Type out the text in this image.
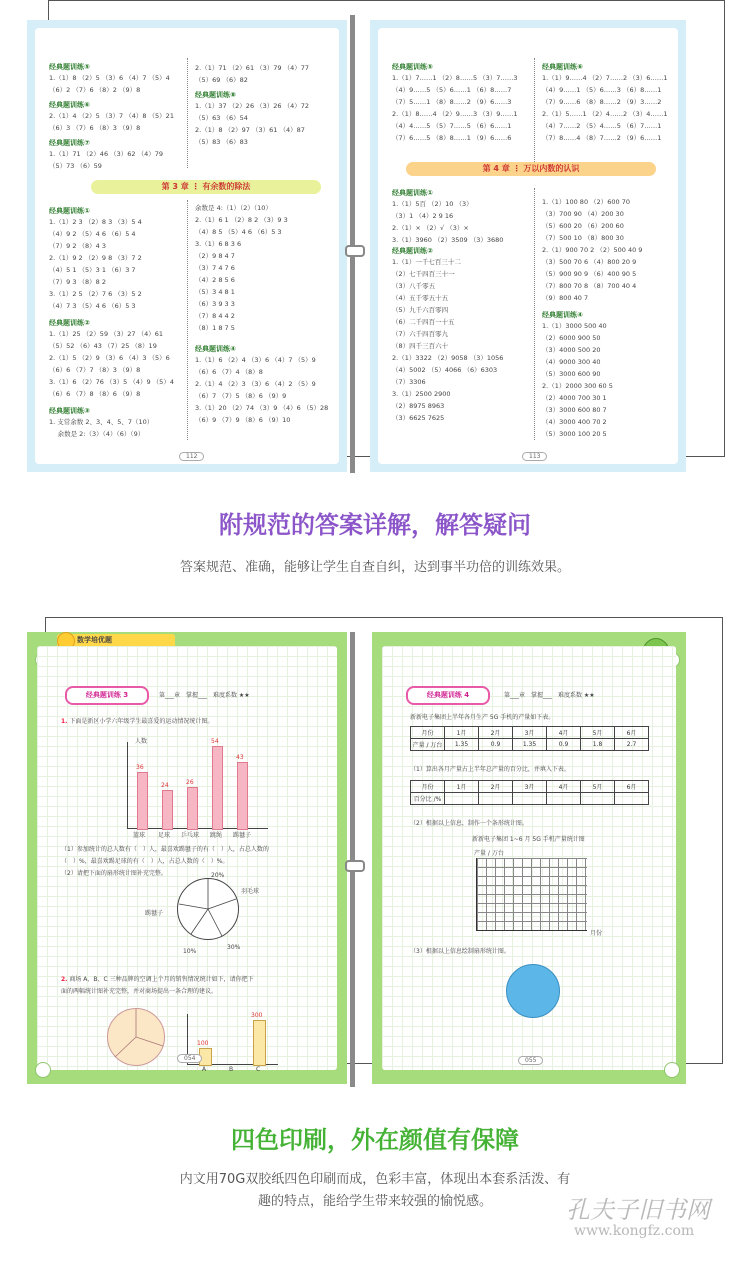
经典题训练⑤
1.（1）8 （2）5 （3）6 （4）7 （5）4
（6）2 （7）6 （8）2 （9）8
经典题训练⑥
2.（1）4 （2）5 （3）7 （4）8 （5）21
（6）3 （7）6 （8）3 （9）8
经典题训练⑦
1.（1）71 （2）46 （3）62 （4）79
（5）73 （6）59
2.（1）71 （2）61 （3）79 （4）77
（5）69 （6）82
经典题训练⑧
1.（1）37 （2）26 （3）26 （4）72
（5）63 （6）54
2.（1）8 （2）97 （3）61 （4）87
（5）83 （6）83
第 3 章 ⋮ 有余数的除法
经典题训练①
1.（1）2 3 （2）8 3 （3）5 4
（4）9 2 （5）4 6 （6）5 4
（7）9 2 （8）4 3
2.（1）9 2 （2）9 8 （3）7 2
（4）5 1 （5）3 1 （6）3 7
（7）9 3 （8）8 2
3.（1）2 5 （2）7 6 （3）5 2
（4）7 3 （5）4 6 （6）5 3
经典题训练②
1.（1）25 （2）59 （3）27 （4）61
（5）52 （6）43 （7）25 （8）19
2.（1）5 （2）9 （3）6 （4）3 （5）6
（6）6 （7）7 （8）3 （9）8
3.（1）6 （2）76 （3）5 （4）9 （5）4
（6）6 （7）8 （8）6 （9）8
经典题训练③
1. 支常余数 2、3、4、5、7（10）
　 余数是 2:（3）（4）（6）（9）
余数是 4:（1）（2）（10）
2.（1）6 1 （2）8 2 （3）9 3
（4）8 5 （5）4 6 （6）5 3
3.（1）6 8 3 6
（2）9 8 4 7
（3）7 4 7 6
（4）2 8 5 6
（5）3 4 8 1
（6）3 9 3 3
（7）8 4 4 2
（8）1 8 7 5
经典题训练④
1.（1）6 （2）4 （3）6 （4）7 （5）9
（6）6 （7）4 （8）8
2.（1）4 （2）3 （3）6 （4）2 （5）9
（6）7 （7）5 （8）6 （9）9
3.（1）20 （2）74 （3）9 （4）6 （5）28
（6）9 （7）9 （8）6 （9）10
112
经典题训练⑤
1.（1）7……1 （2）8……5 （3）7……3
（4）9……5 （5）6……1 （6）8……7
（7）5……1 （8）8……2 （9）6……3
2.（1）8……4 （2）9……3 （3）9……1
（4）4……5 （5）7……5 （6）6……1
（7）6……5 （8）8……1 （9）6……6
经典题训练⑥
1.（1）9……4 （2）7……2 （3）6……1
（4）9……1 （5）6……3 （6）8……1
（7）9……6 （8）8……2 （9）3……2
2.（1）5……1 （2）4……2 （3）4……1
（4）7……2 （5）4……5 （6）7……1
（7）8……4 （8）7……2 （9）6……1
第 4 章 ⋮ 万以内数的认识
经典题训练①
1.（1）5百 （2）10 （3）
（3）1 （4）2 9 16
2.（1）× （2）√ （3）×
3.（1）3960 （2）3509 （3）3680
经典题训练②
1.（1）一千七百三十二
（2）七千四百三十一
（3）八千零五
（4）五千零五十五
（5）九千六百零四
（6）二千四百一十五
（7）六千四百零九
（8）四千三百六十
2.（1）3322 （2）9058 （3）1056
（4）5002 （5）4066 （6）6303
（7）3306
3.（1）2500 2900
（2）8975 8963
（3）6625 7625
1.（1）100 80 （2）600 70
（3）700 90 （4）200 30
（5）600 20 （6）200 60
（7）500 10 （8）800 30
2.（1）900 70 2 （2）500 40 9
（3）500 70 6 （4）800 20 9
（5）900 90 9 （6）400 90 5
（7）800 70 8 （8）700 40 4
（9）800 40 7
经典题训练④
1.（1）3000 500 40
（2）6000 900 50
（3）4000 500 20
（4）9000 300 40
（5）3000 600 90
2.（1）2000 300 60 5
（2）4000 700 30 1
（3）3000 600 80 7
（4）3000 400 70 2
（5）3000 100 20 5
113
附规范的答案详解，解答疑问
答案规范、准确，能够让学生自查自纠，达到事半功倍的训练效果。
数学培优题
经典题训练 3	第___章　掌握___　难度系数 ★★
1. 下面是新区小学六年级学生最喜爱的运动情况统计图。
人数
36
24	26
54
43
篮球 足球 乒乓球 跳绳 踢毽子
（1）参加统计的总人数有（　）人，最喜欢踢毽子的有（　）人，占总人数的
（　）%，最喜欢踢足球的有（　）人，占总人数的（　）%。
（2）请把下面的扇形统计图补充完整。
羽毛球
踢毽子
20%
30%
10%
2. 商场 A、B、C 三种品牌的空调上个月的销售情况统计如下，请你把下
面的两幅统计图补充完整，并对商场提出一条合理的建议。
100
300
A	B	C
054
经典题训练 4	第___章　掌握___　难度系数 ★★
新新电子集团上半年各月生产 5G 手机的产量如下表。
月份	1月	2月	3月	4月	5月	6月
产量 / 万台	1.35	0.9	1.35	0.9	1.8	2.7
（1）算出各月产量占上半年总产量的百分比，并填入下表。
月份	1月	2月	3月	4月	5月	6月
百分比 /%						
（2）根据以上信息，制作一个条形统计图。
新新电子集团 1~6 月 5G 手机产量统计图
产量 / 万台
月份
（3）根据以上信息绘制扇形统计图。
055
四色印刷，外在颜值有保障
内文用70G双胶纸四色印刷而成，色彩丰富，体现出本套系活泼、有
趣的特点，能给学生带来较强的愉悦感。	孔夫子旧书网
www.kongfz.com
